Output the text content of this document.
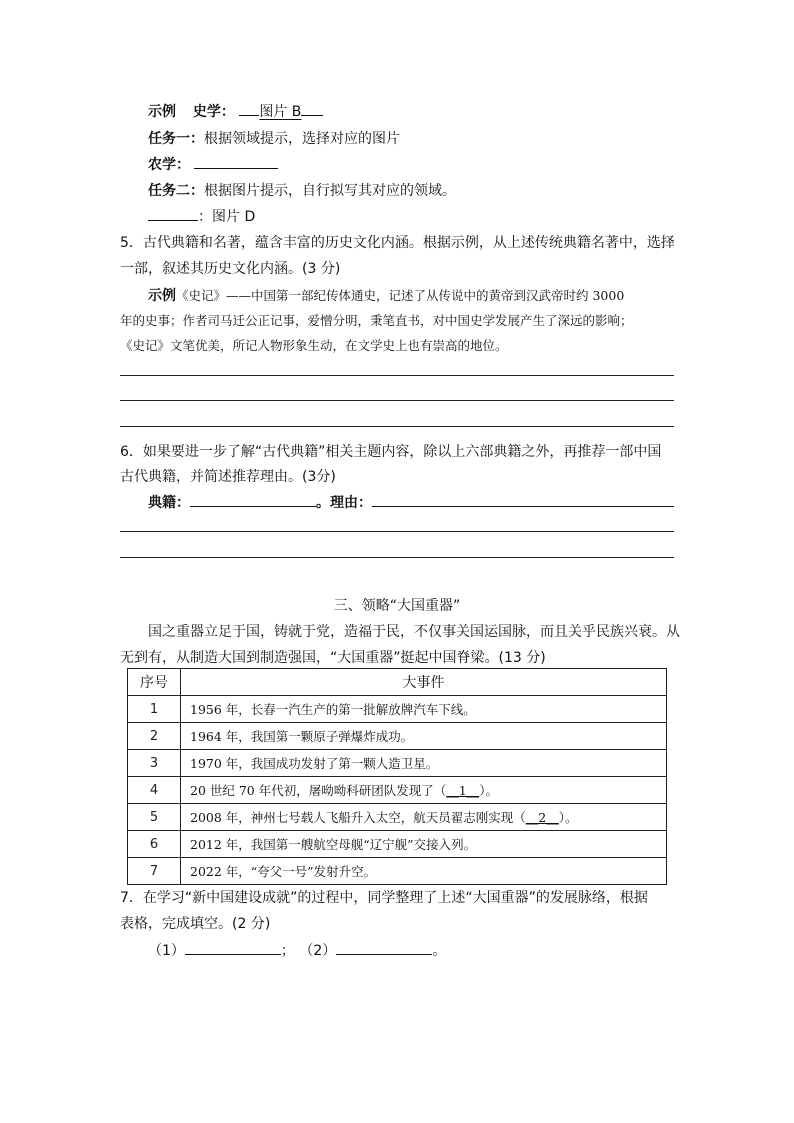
示例 史学： 图片 B
任务一：根据领域提示，选择对应的图片
农学：
任务二：根据图片提示，自行拟写其对应的领域。
：图片 D
5．古代典籍和名著，蕴含丰富的历史文化内涵。根据示例，从上述传统典籍名著中，选择
一部，叙述其历史文化内涵。(3 分)
示例《史记》——中国第一部纪传体通史，记述了从传说中的黄帝到汉武帝时约 3000
年的史事；作者司马迁公正记事，爱憎分明，秉笔直书，对中国史学发展产生了深远的影响；
《史记》文笔优美，所记人物形象生动，在文学史上也有崇高的地位。
6．如果要进一步了解“古代典籍”相关主题内容，除以上六部典籍之外，再推荐一部中国
古代典籍，并简述推荐理由。(3分)
典籍：	。理由：
三、领略“大国重器”
国之重器立足于国，铸就于党，造福于民，不仅事关国运国脉，而且关乎民族兴衰。从
无到有，从制造大国到制造强国，“大国重器”挺起中国脊梁。(13 分)
序号	大事件
1	1956 年，长春一汽生产的第一批解放牌汽车下线。
2	1964 年，我国第一颗原子弹爆炸成功。
3	1970 年，我国成功发射了第一颗人造卫星。
4	20 世纪 70 年代初，屠呦呦科研团队发现了（__1__）。
5	2008 年，神州七号载人飞船升入太空，航天员翟志刚实现（__2__）。
6	2012 年，我国第一艘航空母舰“辽宁舰”交接入列。
7	2022 年，“夸父一号”发射升空。
7．在学习“新中国建设成就”的过程中，同学整理了上述“大国重器”的发展脉络，根据
表格，完成填空。(2 分)
（1）	； （2）	。
